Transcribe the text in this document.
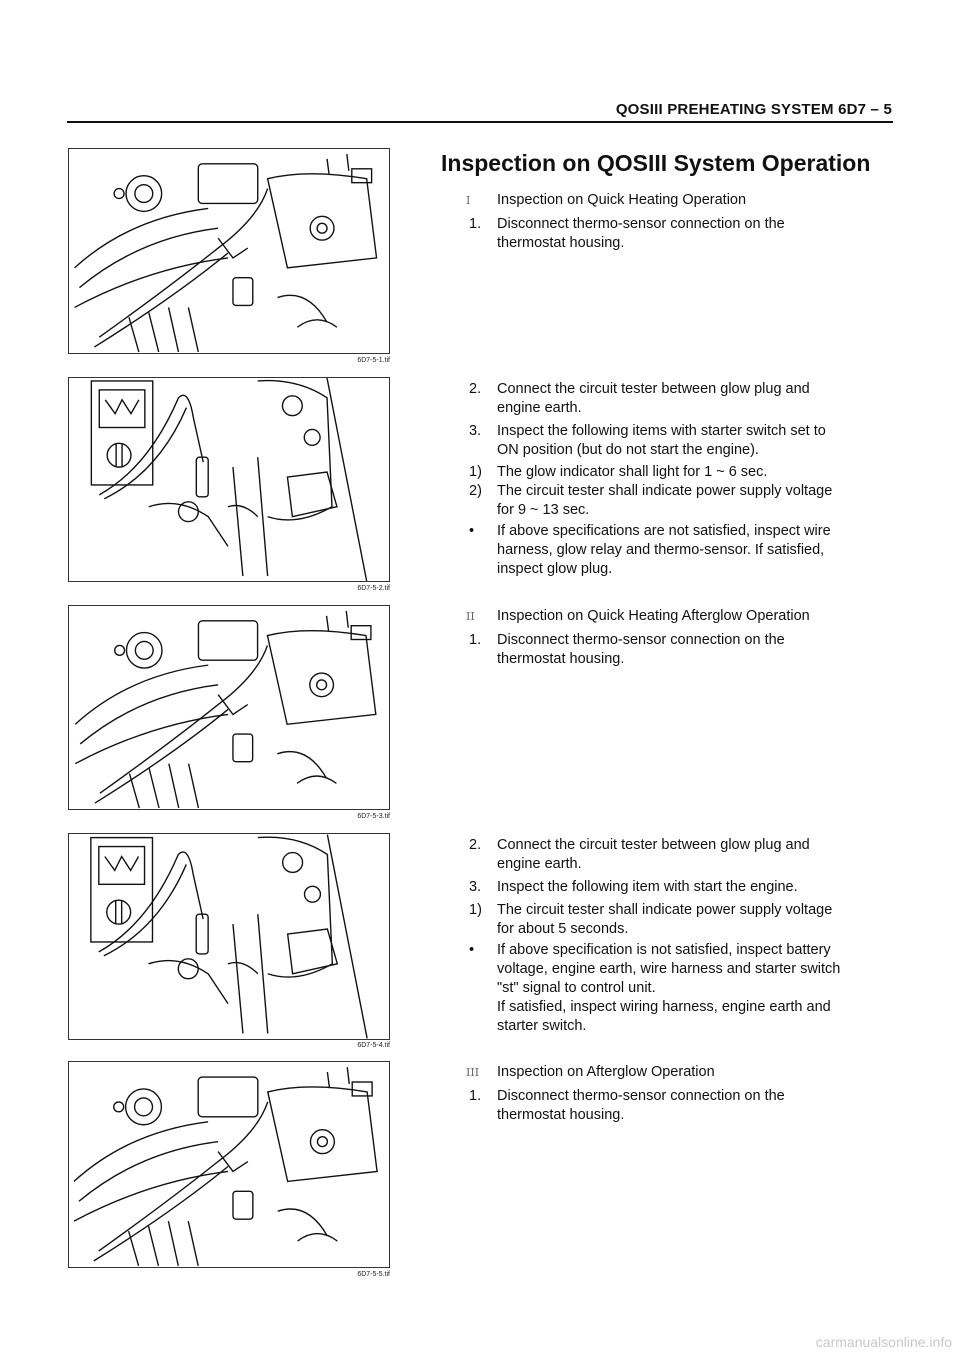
QOSIII PREHEATING SYSTEM 6D7 – 5
6D7-5-1.tif
6D7-5-2.tif
6D7-5-3.tif
6D7-5-4.tif
6D7-5-5.tif
Inspection on QOSIII System Operation
I Inspection on Quick Heating Operation
1. Disconnect thermo-sensor connection on the
thermostat housing.
2. Connect the circuit tester between glow plug and
engine earth.
3. Inspect the following items with starter switch set to
ON position (but do not start the engine).
1) The glow indicator shall light for 1 ~ 6 sec.
2) The circuit tester shall indicate power supply voltage
for 9 ~ 13 sec.
• If above specifications are not satisfied, inspect wire
harness, glow relay and thermo-sensor. If satisfied,
inspect glow plug.
II Inspection on Quick Heating Afterglow Operation
1. Disconnect thermo-sensor connection on the
thermostat housing.
2. Connect the circuit tester between glow plug and
engine earth.
3. Inspect the following item with start the engine.
1) The circuit tester shall indicate power supply voltage
for about 5 seconds.
• If above specification is not satisfied, inspect battery
voltage, engine earth, wire harness and starter switch
"st" signal to control unit.
If satisfied, inspect wiring harness, engine earth and
starter switch.
III Inspection on Afterglow Operation
1. Disconnect thermo-sensor connection on the
thermostat housing.
carmanualsonline.info
